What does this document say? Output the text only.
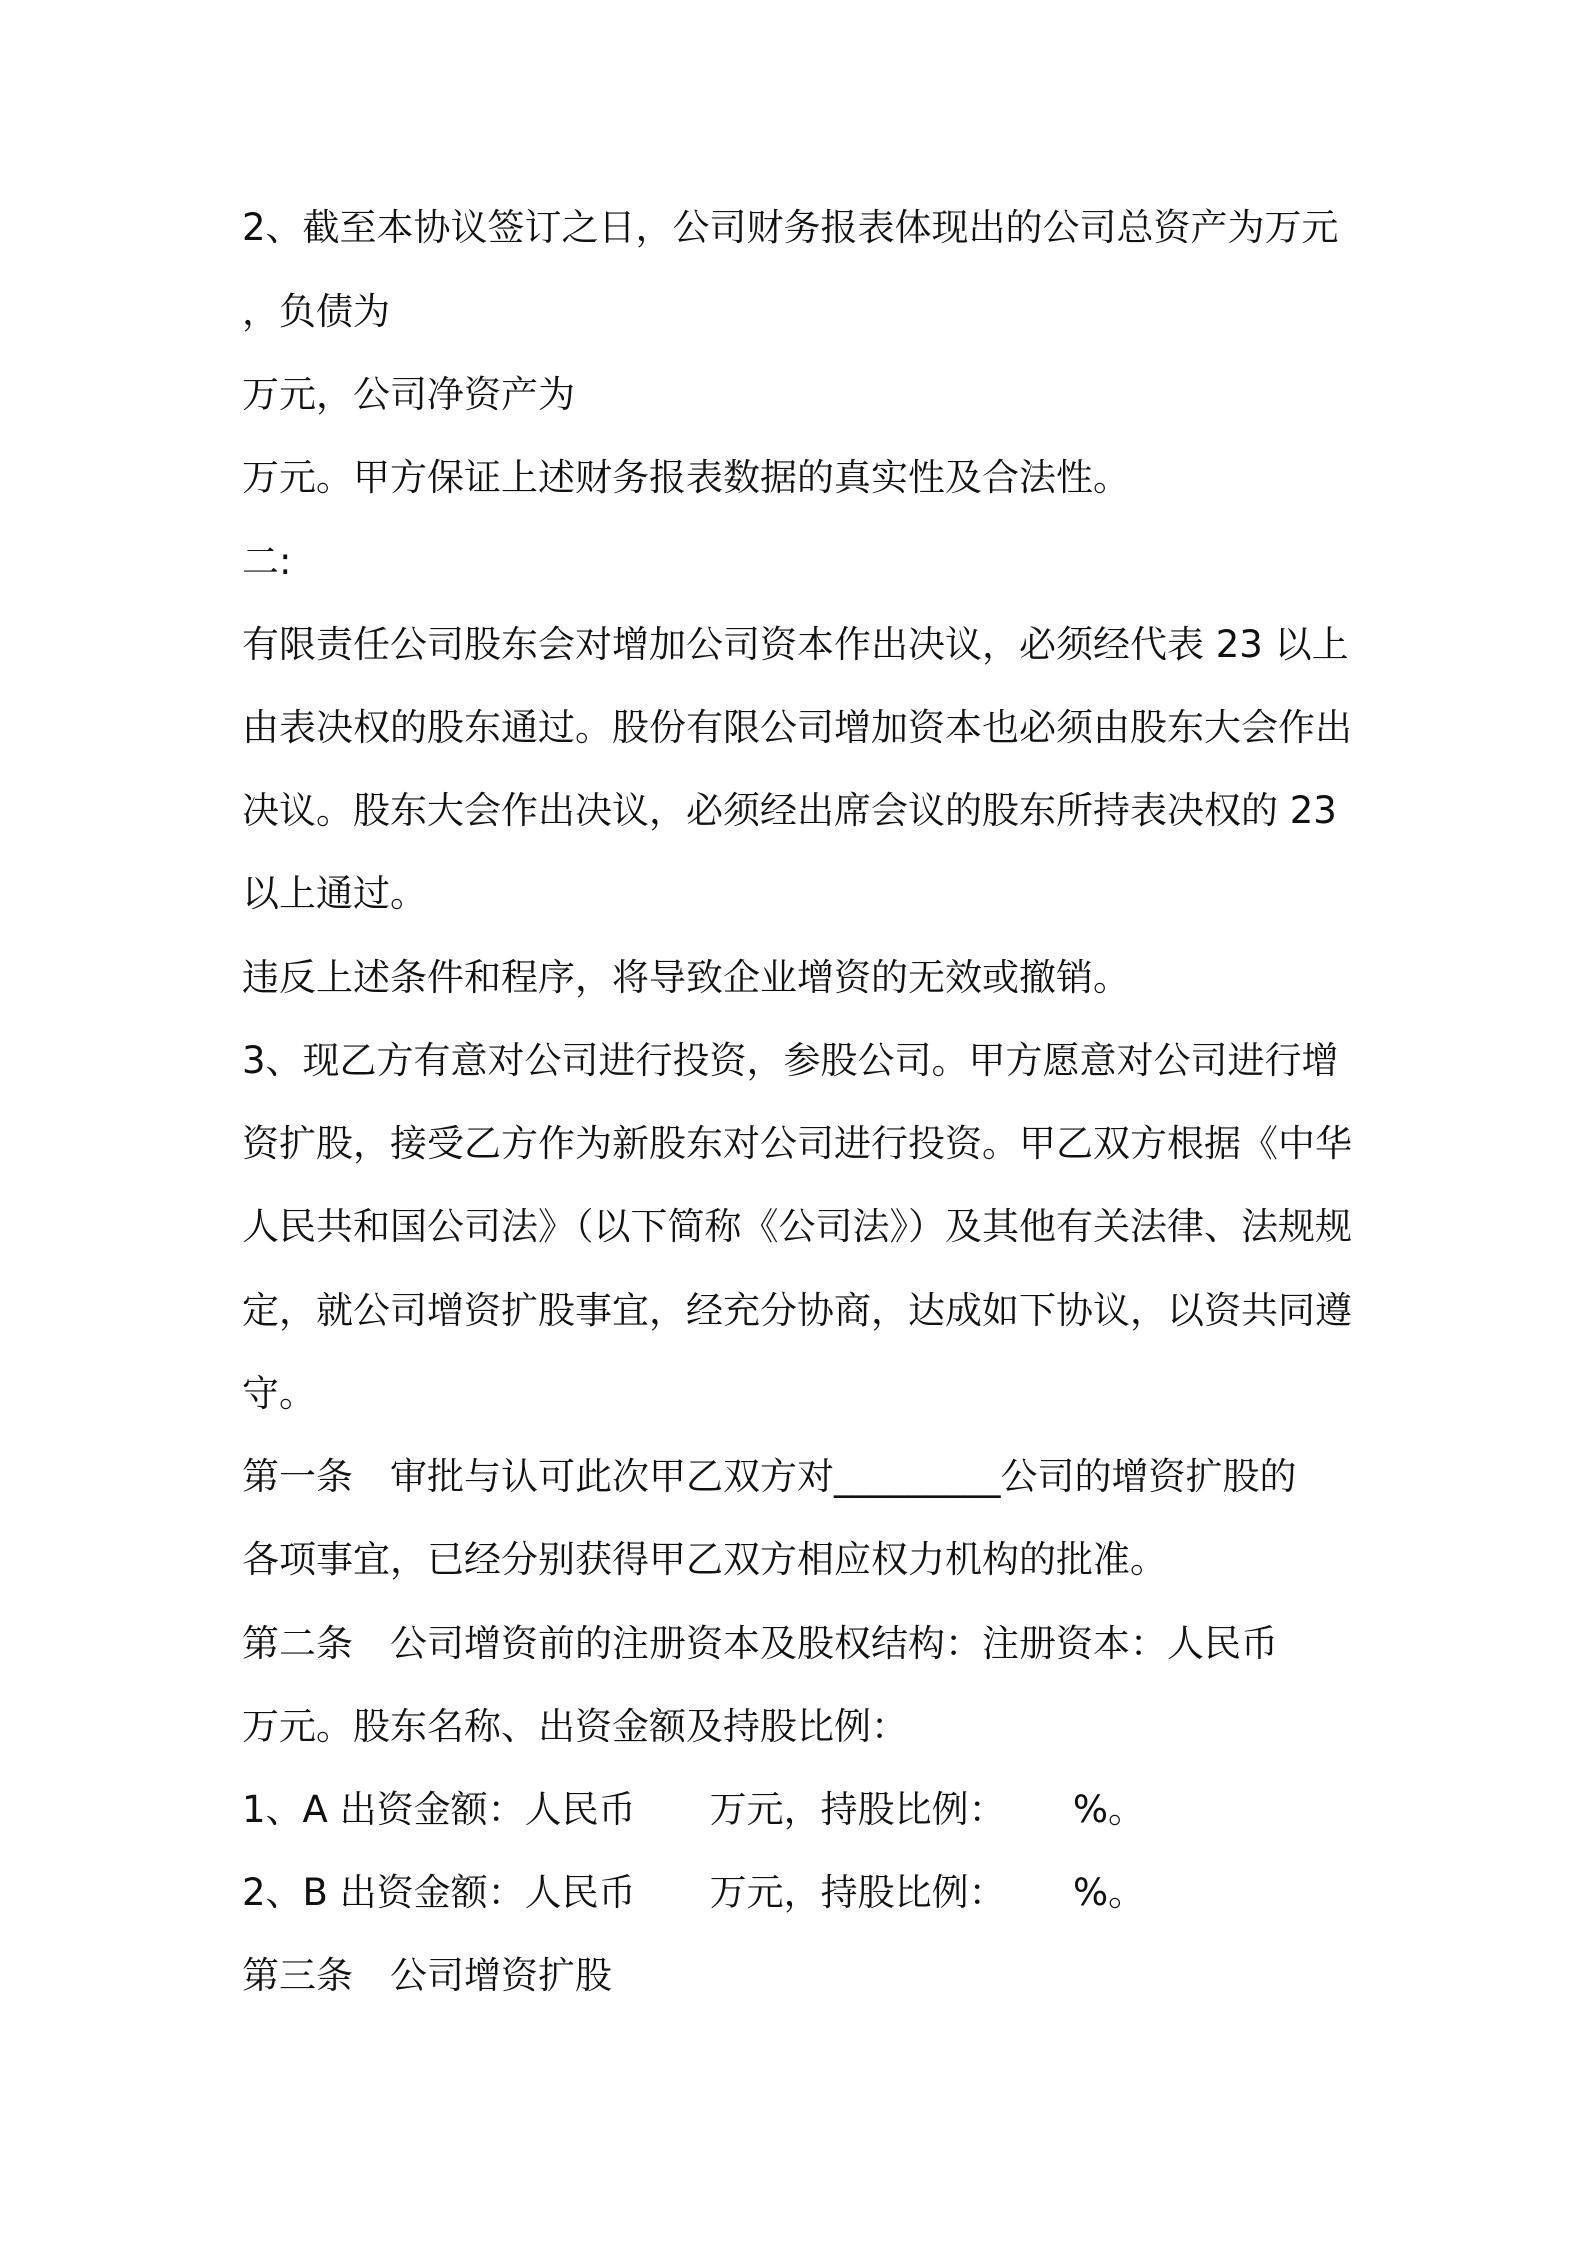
2、截至本协议签订之日，公司财务报表体现出的公司总资产为万元

，负债为

万元，公司净资产为

万元。甲方保证上述财务报表数据的真实性及合法性。

二:

有限责任公司股东会对增加公司资本作出决议，必须经代表 23 以上

由表决权的股东通过。股份有限公司增加资本也必须由股东大会作出

决议。股东大会作出决议，必须经出席会议的股东所持表决权的 23

以上通过。

违反上述条件和程序，将导致企业增资的无效或撤销。

3、现乙方有意对公司进行投资，参股公司。甲方愿意对公司进行增

资扩股，接受乙方作为新股东对公司进行投资。甲乙双方根据《中华

人民共和国公司法》（以下简称《公司法》）及其他有关法律、法规规

定，就公司增资扩股事宜，经充分协商，达成如下协议，以资共同遵

守。

第一条　审批与认可此次甲乙双方对_________公司的增资扩股的

各项事宜，已经分别获得甲乙双方相应权力机构的批准。

第二条　公司增资前的注册资本及股权结构：注册资本：人民币

万元。股东名称、出资金额及持股比例：

1、A 出资金额：人民币　　万元，持股比例：　　 %。

2、B 出资金额：人民币　　万元，持股比例：　　 %。

第三条　公司增资扩股
